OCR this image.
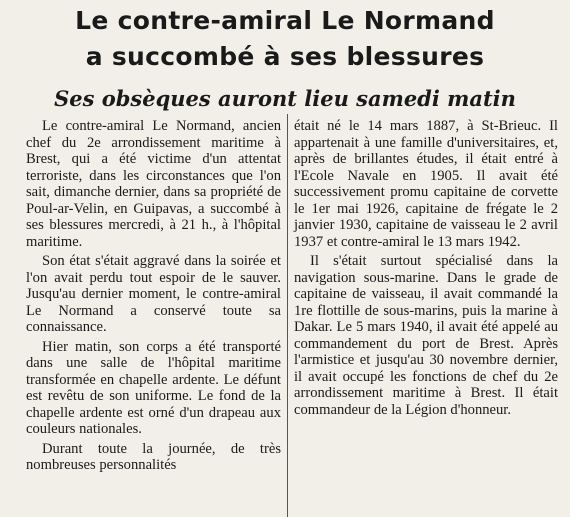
Le contre-amiral Le Normand
a succombé à ses blessures
Ses obsèques auront lieu samedi matin

Le contre-amiral Le Normand, ancien chef du 2e arrondissement maritime à Brest, qui a été victime d'un attentat terroriste, dans les circonstances que l'on sait, dimanche dernier, dans sa propriété de Poul-ar-Velin, en Guipavas, a succombé à ses blessures mercredi, à 21 h., à l'hôpital maritime.

Son état s'était aggravé dans la soirée et l'on avait perdu tout espoir de le sauver. Jusqu'au dernier moment, le contre-amiral Le Normand a conservé toute sa connaissance.

Hier matin, son corps a été transporté dans une salle de l'hôpital maritime transformée en chapelle ardente. Le défunt est revêtu de son uniforme. Le fond de la chapelle ardente est orné d'un drapeau aux couleurs nationales.

Durant toute la journée, de très nombreuses personnalités

était né le 14 mars 1887, à St-Brieuc. Il appartenait à une famille d'universitaires, et, après de brillantes études, il était entré à l'Ecole Navale en 1905. Il avait été successivement promu capitaine de corvette le 1er mai 1926, capitaine de frégate le 2 janvier 1930, capitaine de vaisseau le 2 avril 1937 et contre-amiral le 13 mars 1942.

Il s'était surtout spécialisé dans la navigation sous-marine. Dans le grade de capitaine de vaisseau, il avait commandé la 1re flottille de sous-marins, puis la marine à Dakar. Le 5 mars 1940, il avait été appelé au commandement du port de Brest. Après l'armistice et jusqu'au 30 novembre dernier, il avait occupé les fonctions de chef du 2e arrondissement maritime à Brest. Il était commandeur de la Légion d'honneur.
